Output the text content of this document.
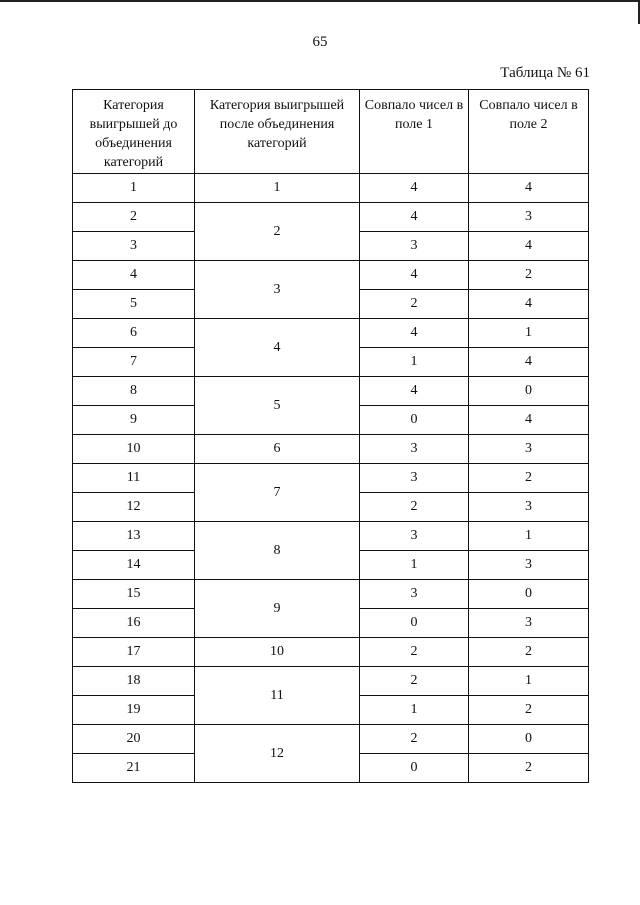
65
Таблица № 61
Категория выигрышей до объединения категорий	Категория выигрышей после объединения категорий	Совпало чисел в поле 1	Совпало чисел в поле 2
1	1	4	4
2	2	4	3
3		3	4
4	3	4	2
5		2	4
6	4	4	1
7		1	4
8	5	4	0
9		0	4
10	6	3	3
11	7	3	2
12		2	3
13	8	3	1
14		1	3
15	9	3	0
16		0	3
17	10	2	2
18	11	2	1
19		1	2
20	12	2	0
21		0	2
